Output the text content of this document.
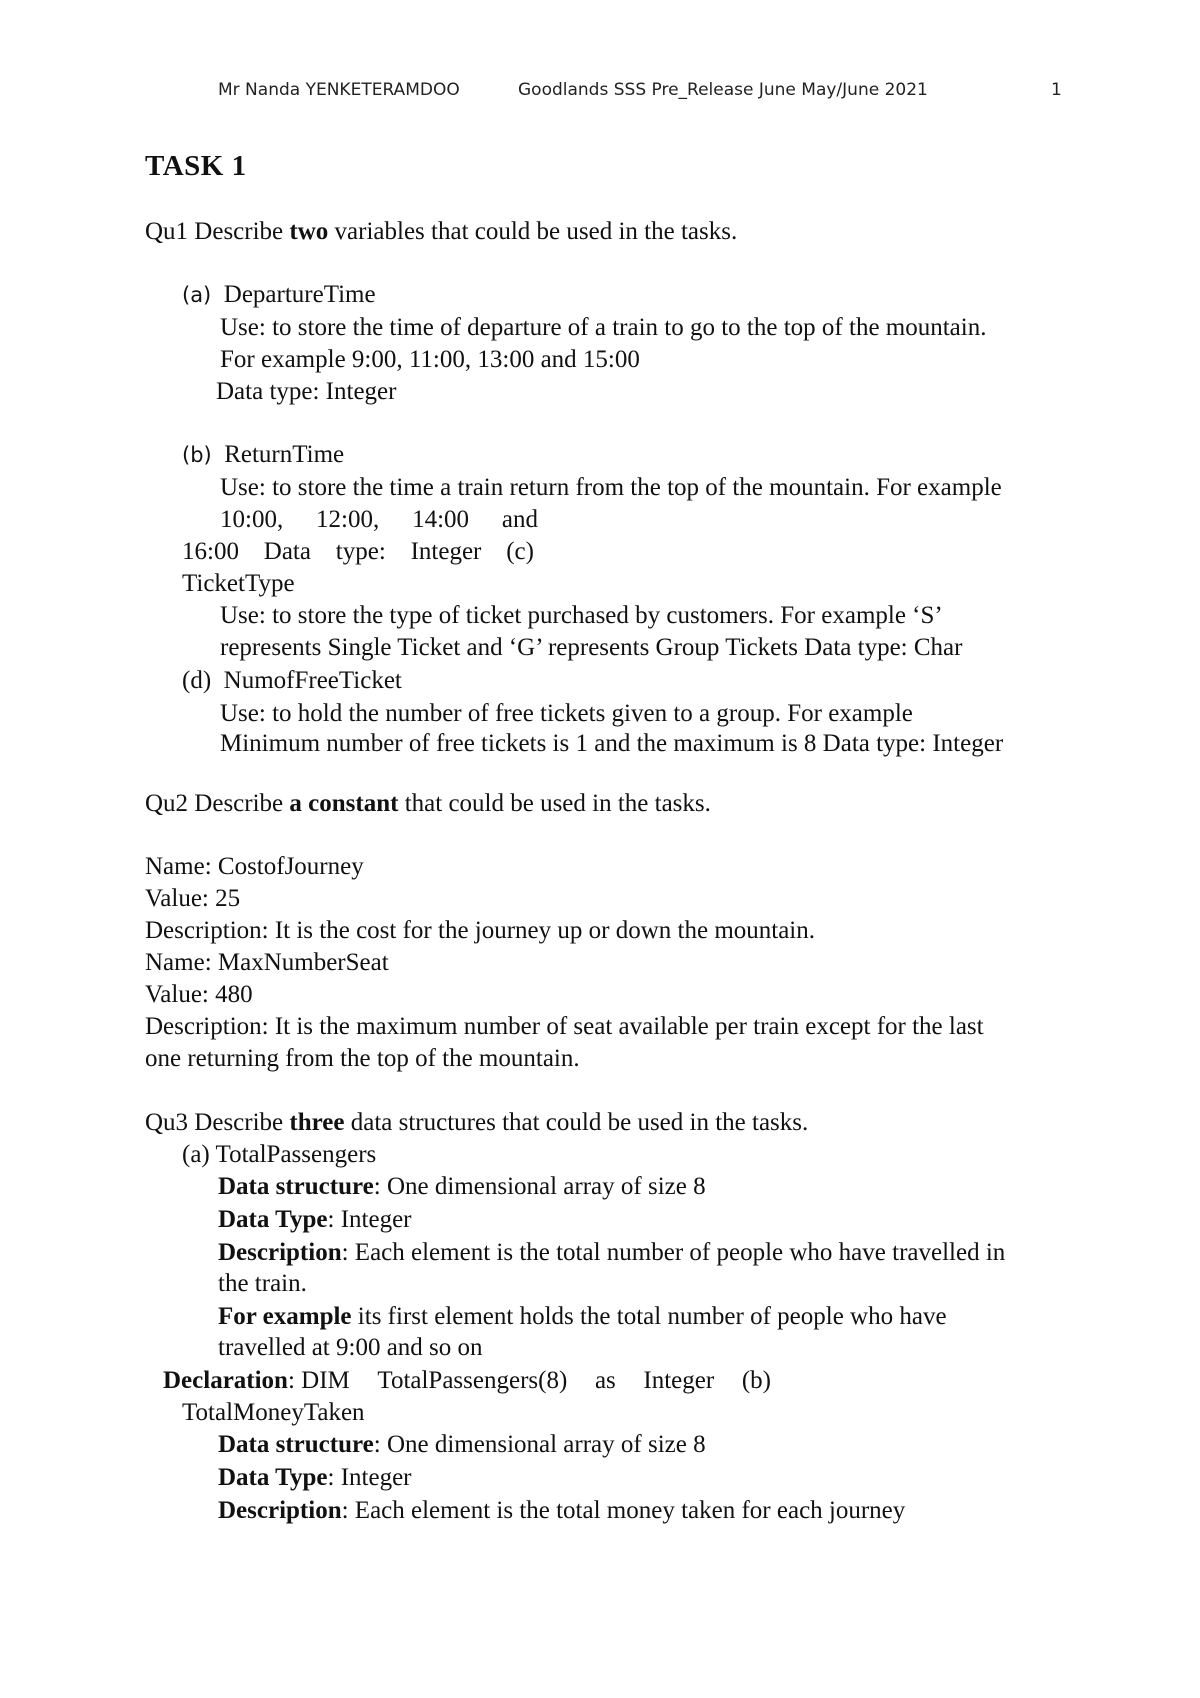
Mr Nanda YENKETERAMDOO	Goodlands SSS Pre_Release June May/June 2021	1
TASK 1
Qu1 Describe two variables that could be used in the tasks.
(a) DepartureTime
Use: to store the time of departure of a train to go to the top of the mountain.
For example 9:00, 11:00, 13:00 and 15:00
Data type: Integer
(b) ReturnTime
Use: to store the time a train return from the top of the mountain. For example
10:00, 12:00, 14:00 and
16:00 Data type: Integer (c)
TicketType
Use: to store the type of ticket purchased by customers. For example ‘S’
represents Single Ticket and ‘G’ represents Group Tickets Data type: Char
(d) NumofFreeTicket
Use: to hold the number of free tickets given to a group. For example
Minimum number of free tickets is 1 and the maximum is 8 Data type: Integer
Qu2 Describe a constant that could be used in the tasks.
Name: CostofJourney
Value: 25
Description: It is the cost for the journey up or down the mountain.
Name: MaxNumberSeat
Value: 480
Description: It is the maximum number of seat available per train except for the last
one returning from the top of the mountain.
Qu3 Describe three data structures that could be used in the tasks.
(a) TotalPassengers
Data structure: One dimensional array of size 8
Data Type: Integer
Description: Each element is the total number of people who have travelled in
the train.
For example its first element holds the total number of people who have
travelled at 9:00 and so on
Declaration: DIM TotalPassengers(8) as Integer (b)
TotalMoneyTaken
Data structure: One dimensional array of size 8
Data Type: Integer
Description: Each element is the total money taken for each journey
